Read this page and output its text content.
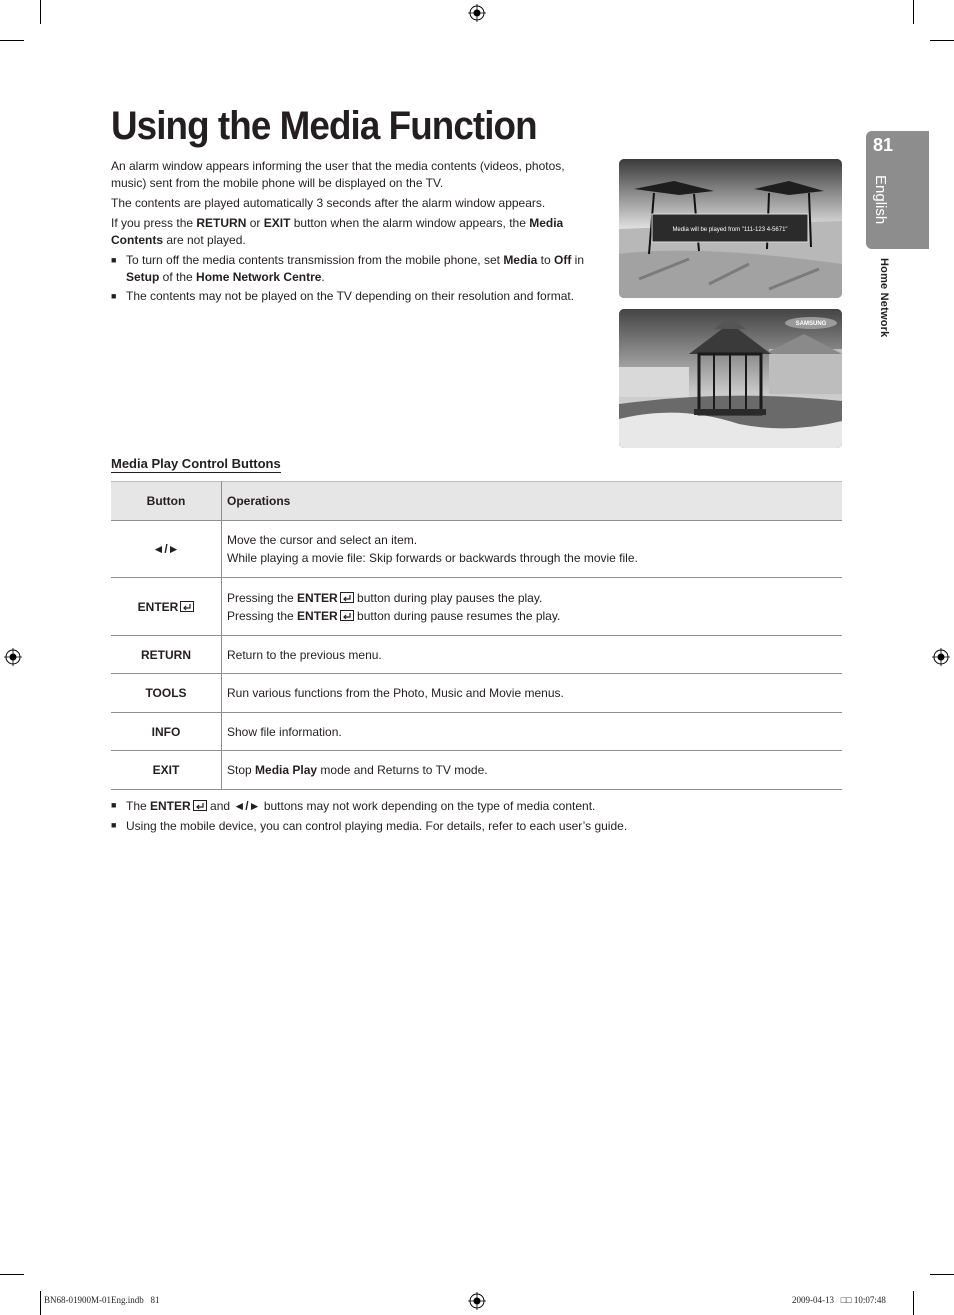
Using the Media Function

An alarm window appears informing the user that the media contents (videos, photos, music) sent from the mobile phone will be displayed on the TV.

The contents are played automatically 3 seconds after the alarm window appears.

If you press the RETURN or EXIT button when the alarm window appears, the Media Contents are not played.

■ To turn off the media contents transmission from the mobile phone, set Media to Off in Setup of the Home Network Centre.
■ The contents may not be played on the TV depending on their resolution and format.
Media will be played from "111-123 4-5671"
SAMSUNG
81
English
Home Network
Media Play Control Buttons
Button	Operations
◄/►	Move the cursor and select an item.
While playing a movie file: Skip forwards or backwards through the movie file.

ENTER	Pressing the ENTER button during play pauses the play.
Pressing the ENTER button during pause resumes the play.

RETURN	Return to the previous menu.
TOOLS	Run various functions from the Photo, Music and Movie menus.
INFO	Show file information.
EXIT	Stop Media Play mode and Returns to TV mode.
■ The ENTER and ◄/► buttons may not work depending on the type of media content.
■ Using the mobile device, you can control playing media. For details, refer to each user’s guide.
BN68-01900M-01Eng.indb   81	2009-04-13   □□ 10:07:48
